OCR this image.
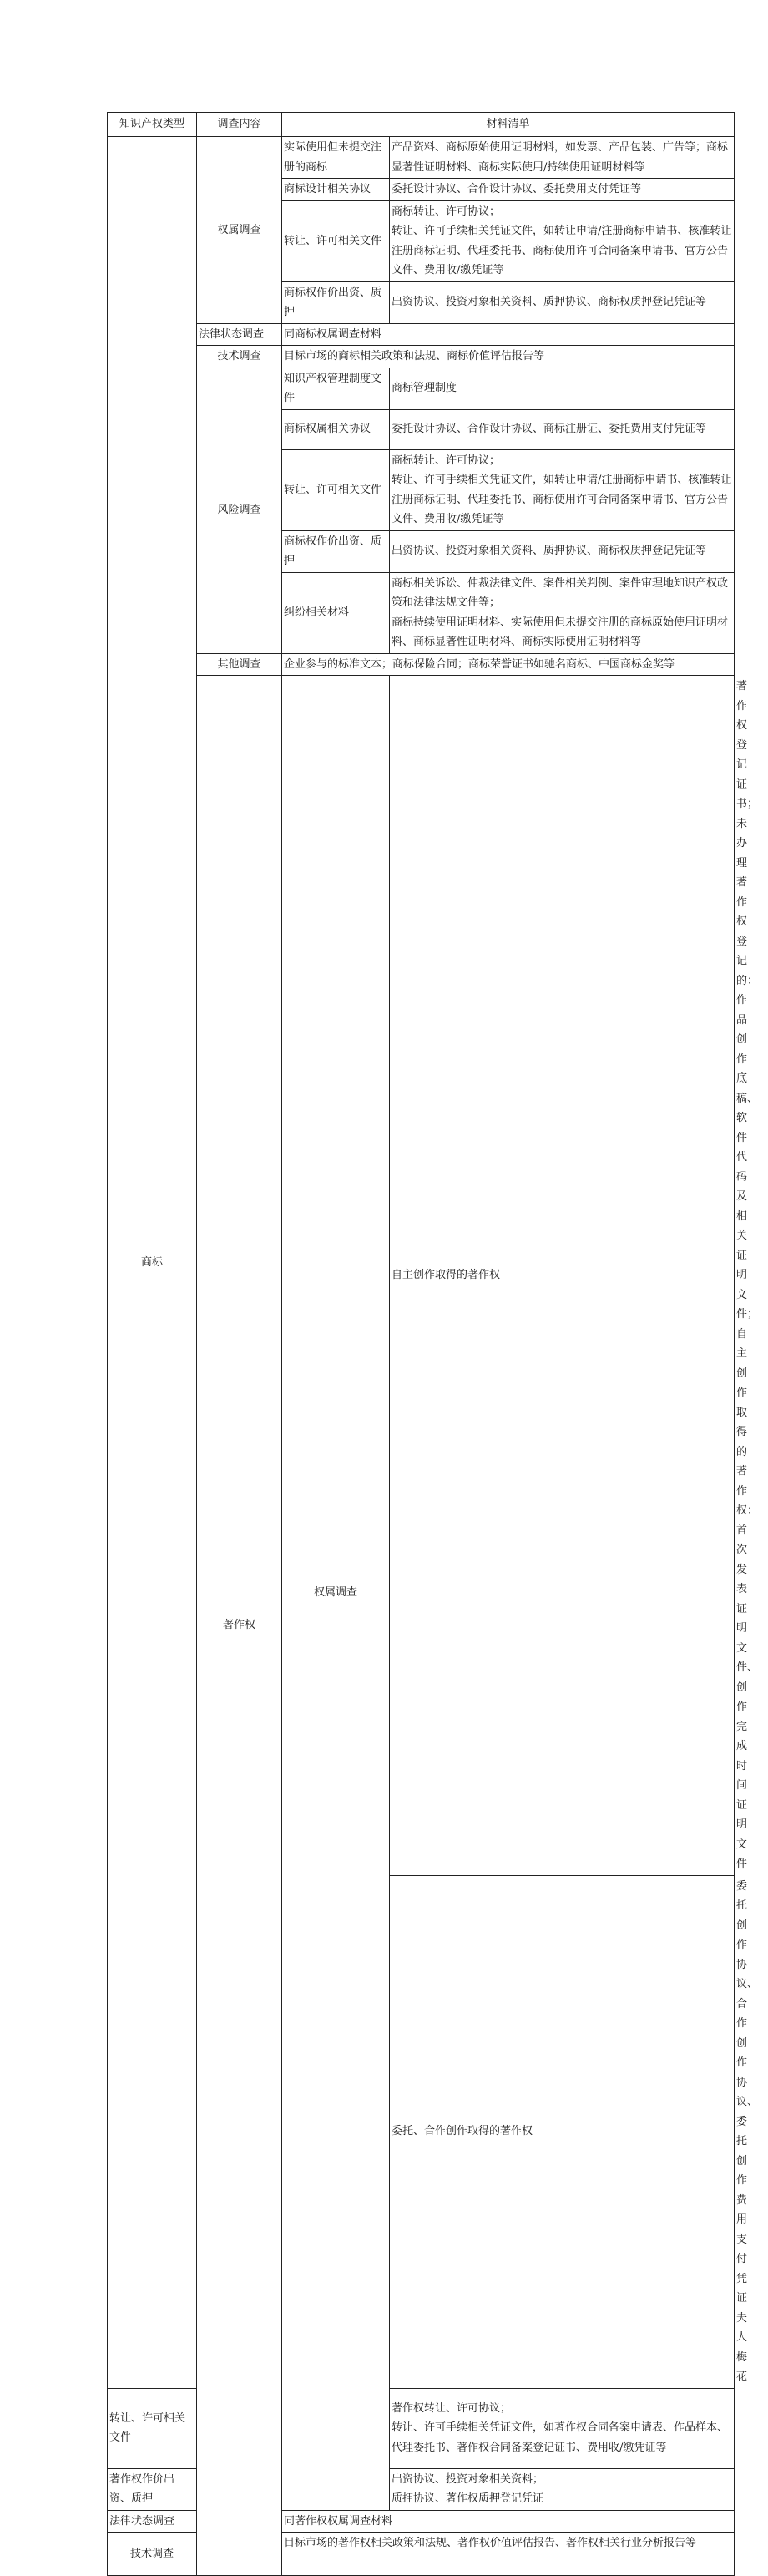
知识产权类型	调查内容	材料清单		
商标	权属调查	实际使用但未提交注册的商标	产品资料、商标原始使用证明材料，如发票、产品包装、广告等；商标显著性证明材料、商标实际使用/持续使用证明材料等	
		商标设计相关协议	委托设计协议、合作设计协议、委托费用支付凭证等	
		转让、许可相关文件	商标转让、许可协议；
转让、许可手续相关凭证文件，如转让申请/注册商标申请书、核准转让注册商标证明、代理委托书、商标使用许可合同备案申请书、官方公告文件、费用收/缴凭证等	
		商标权作价出资、质押	出资协议、投资对象相关资料、质押协议、商标权质押登记凭证等	
	法律状态调查	同商标权属调查材料		
	技术调查	目标市场的商标相关政策和法规、商标价值评估报告等		
	风险调查	知识产权管理制度文件	商标管理制度	
		商标权属相关协议	委托设计协议、合作设计协议、商标注册证、委托费用支付凭证等	
		转让、许可相关文件	商标转让、许可协议；
转让、许可手续相关凭证文件，如转让申请/注册商标申请书、核准转让注册商标证明、代理委托书、商标使用许可合同备案申请书、官方公告文件、费用收/缴凭证等	
		商标权作价出资、质押	出资协议、投资对象相关资料、质押协议、商标权质押登记凭证等	
		纠纷相关材料	商标相关诉讼、仲裁法律文件、案件相关判例、案件审理地知识产权政策和法律法规文件等；
商标持续使用证明材料、实际使用但未提交注册的商标原始使用证明材料、商标显著性证明材料、商标实际使用证明材料等	
	其他调查	企业参与的标准文本；商标保险合同；商标荣誉证书如驰名商标、中国商标金奖等		
	著作权	权属调查	自主创作取得的著作权	著作权登记证书；
未办理著作权登记的：作品创作底稿、软件代码及相关证明文件；
自主创作取得的著作权：首次发表证明文件、创作完成时间
证明文件
			委托、合作创作取得的著作权	委托创作协议、合作创作协议、委托创作费用支付凭证夫人梅花
转让、许可相关文件			著作权转让、许可协议；
转让、许可手续相关凭证文件，如著作权合同备案申请表、作品样本、代理委托书、著作权合同备案登记证书、费用收/缴凭证等	
著作权作价出资、质押			出资协议、投资对象相关资料；
质押协议、著作权质押登记凭证	
法律状态调查		同著作权权属调查材料		
技术调查		目标市场的著作权相关政策和法规、著作权价值评估报告、著作权相关行业分析报告等		
